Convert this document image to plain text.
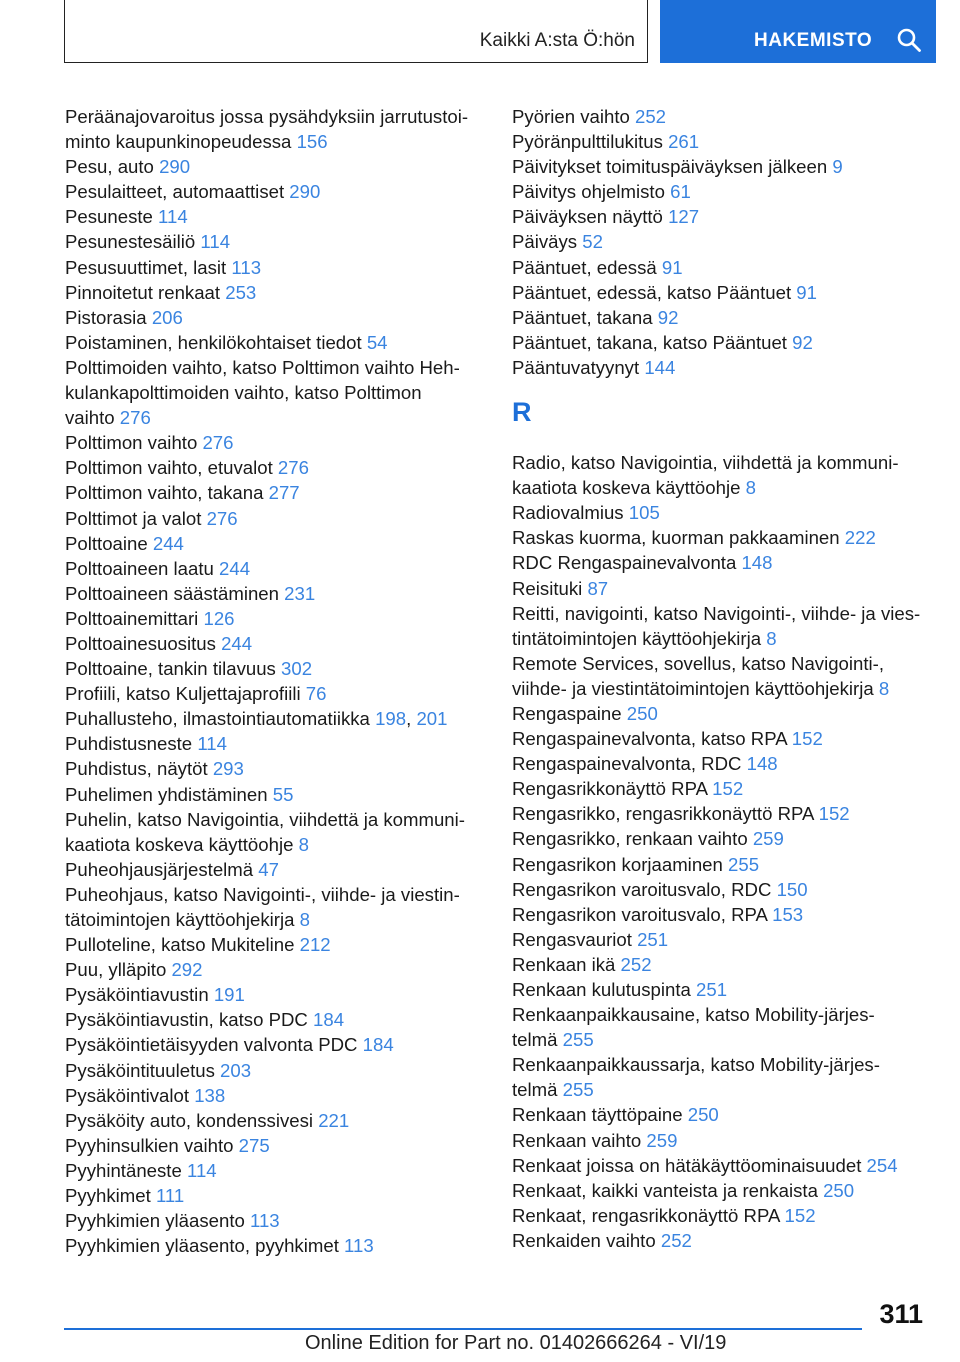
Kaikki A:sta Ö:hön	HAKEMISTO
Peräänajovaroitus jossa pysähdyksiin jarrutustoi-
minto kaupunkinopeudessa 156
Pesu, auto 290
Pesulaitteet, automaattiset 290
Pesuneste 114
Pesunestesäiliö 114
Pesusuuttimet, lasit 113
Pinnoitetut renkaat 253
Pistorasia 206
Poistaminen, henkilökohtaiset tiedot 54
Polttimoiden vaihto, katso Polttimon vaihto Heh-
kulankapolttimoiden vaihto, katso Polttimon
vaihto 276
Polttimon vaihto 276
Polttimon vaihto, etuvalot 276
Polttimon vaihto, takana 277
Polttimot ja valot 276
Polttoaine 244
Polttoaineen laatu 244
Polttoaineen säästäminen 231
Polttoainemittari 126
Polttoainesuositus 244
Polttoaine, tankin tilavuus 302
Profiili, katso Kuljettajaprofiili 76
Puhallusteho, ilmastointiautomatiikka 198, 201
Puhdistusneste 114
Puhdistus, näytöt 293
Puhelimen yhdistäminen 55
Puhelin, katso Navigointia, viihdettä ja kommuni-
kaatiota koskeva käyttöohje 8
Puheohjausjärjestelmä 47
Puheohjaus, katso Navigointi-, viihde- ja viestin-
tätoimintojen käyttöohjekirja 8
Pulloteline, katso Mukiteline 212
Puu, ylläpito 292
Pysäköintiavustin 191
Pysäköintiavustin, katso PDC 184
Pysäköintietäisyyden valvonta PDC 184
Pysäköintituuletus 203
Pysäköintivalot 138
Pysäköity auto, kondenssivesi 221
Pyyhinsulkien vaihto 275
Pyyhintäneste 114
Pyyhkimet 111
Pyyhkimien yläasento 113
Pyyhkimien yläasento, pyyhkimet 113
Pyörien vaihto 252
Pyöränpulttilukitus 261
Päivitykset toimituspäiväyksen jälkeen 9
Päivitys ohjelmisto 61
Päiväyksen näyttö 127
Päiväys 52
Pääntuet, edessä 91
Pääntuet, edessä, katso Pääntuet 91
Pääntuet, takana 92
Pääntuet, takana, katso Pääntuet 92
Pääntuvatyynyt 144
R
Radio, katso Navigointia, viihdettä ja kommuni-
kaatiota koskeva käyttöohje 8
Radiovalmius 105
Raskas kuorma, kuorman pakkaaminen 222
RDC Rengaspainevalvonta 148
Reisituki 87
Reitti, navigointi, katso Navigointi-, viihde- ja vies-
tintätoimintojen käyttöohjekirja 8
Remote Services, sovellus, katso Navigointi-,
viihde- ja viestintätoimintojen käyttöohjekirja 8
Rengaspaine 250
Rengaspainevalvonta, katso RPA 152
Rengaspainevalvonta, RDC 148
Rengasrikkonäyttö RPA 152
Rengasrikko, rengasrikkonäyttö RPA 152
Rengasrikko, renkaan vaihto 259
Rengasrikon korjaaminen 255
Rengasrikon varoitusvalo, RDC 150
Rengasrikon varoitusvalo, RPA 153
Rengasvauriot 251
Renkaan ikä 252
Renkaan kulutuspinta 251
Renkaanpaikkausaine, katso Mobility-järjes-
telmä 255
Renkaanpaikkaussarja, katso Mobility-järjes-
telmä 255
Renkaan täyttöpaine 250
Renkaan vaihto 259
Renkaat joissa on hätäkäyttöominaisuudet 254
Renkaat, kaikki vanteista ja renkaista 250
Renkaat, rengasrikkonäyttö RPA 152
Renkaiden vaihto 252
311
Online Edition for Part no. 01402666264 - VI/19
